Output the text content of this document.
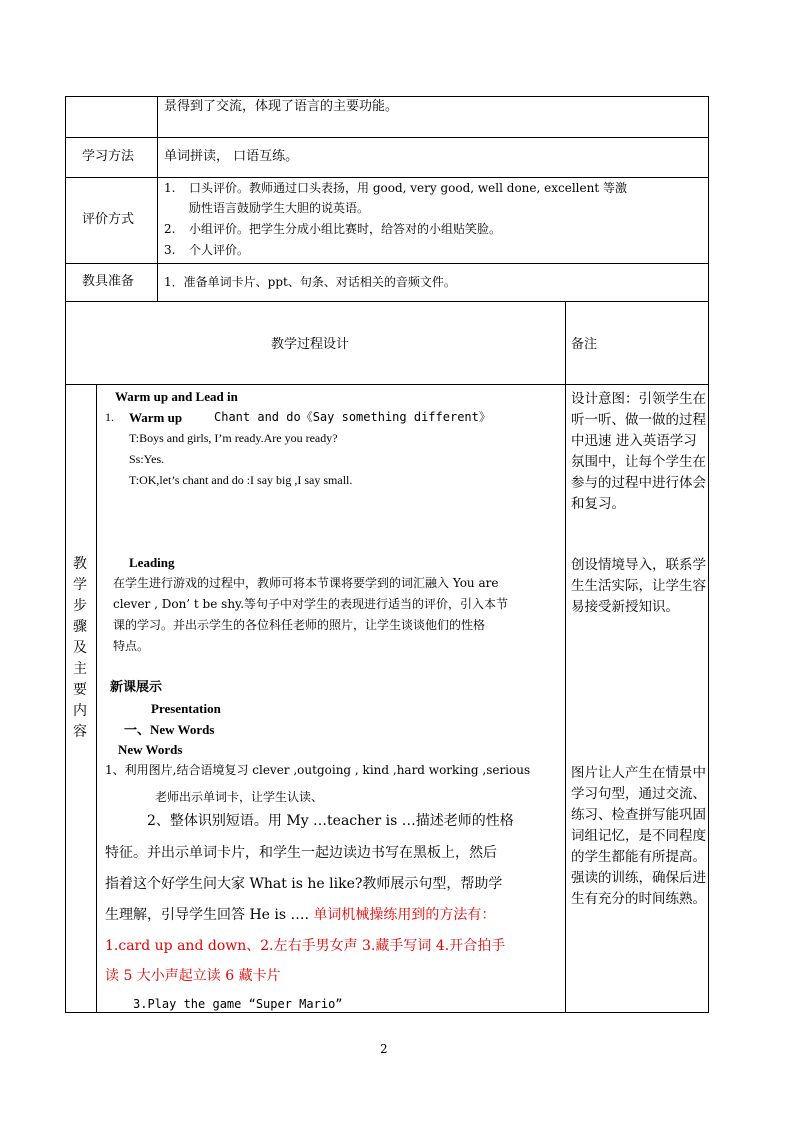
景得到了交流，体现了语言的主要功能。
学习方法 单词拼读， 口语互练。
评价方式
1. 口头评价。教师通过口头表扬，用 good, very good, well done, excellent 等激
励性语言鼓励学生大胆的说英语。
2. 小组评价。把学生分成小组比赛时，给答对的小组贴笑脸。
3. 个人评价。
教具准备 1．准备单词卡片、ppt、句条、对话相关的音频文件。
教学过程设计	备注
教学步骤及主要内容
Warm up and Lead in
1. Warm up	Chant and do《Say something different》
T:Boys and girls, I’m ready.Are you ready?
Ss:Yes.
T:OK,let’s chant and do :I say big ,I say small.
Leading
在学生进行游戏的过程中，教师可将本节课将要学到的词汇融入 You are
clever , Don’ t be shy.等句子中对学生的表现进行适当的评价，引入本节
课的学习。并出示学生的各位科任老师的照片，让学生谈谈他们的性格
特点。
新课展示
Presentation
一、New Words
New Words
1、利用图片,结合语境复习 clever ,outgoing , kind ,hard working ,serious
老师出示单词卡，让学生认读、
2、整体识别短语。用 My …teacher is …描述老师的性格
特征。并出示单词卡片，和学生一起边读边书写在黑板上，然后
指着这个好学生问大家 What is he like?教师展示句型，帮助学
生理解，引导学生回答 He is …. 单词机械操练用到的方法有：
1.card up and down、2.左右手男女声 3.藏手写词 4.开合拍手
读 5 大小声起立读 6 藏卡片
3.Play the game “Super Mario”
设计意图：引领学生在听一听、做一做的过程中迅速 进入英语学习氛围中，让每个学生在参与的过程中进行体会和复习。
创设情境导入，联系学生生活实际，让学生容易接受新授知识。
图片让人产生在情景中学习句型，通过交流、练习、检查拼写能巩固词组记忆，是不同程度的学生都能有所提高。强读的训练，确保后进生有充分的时间练熟。
2
